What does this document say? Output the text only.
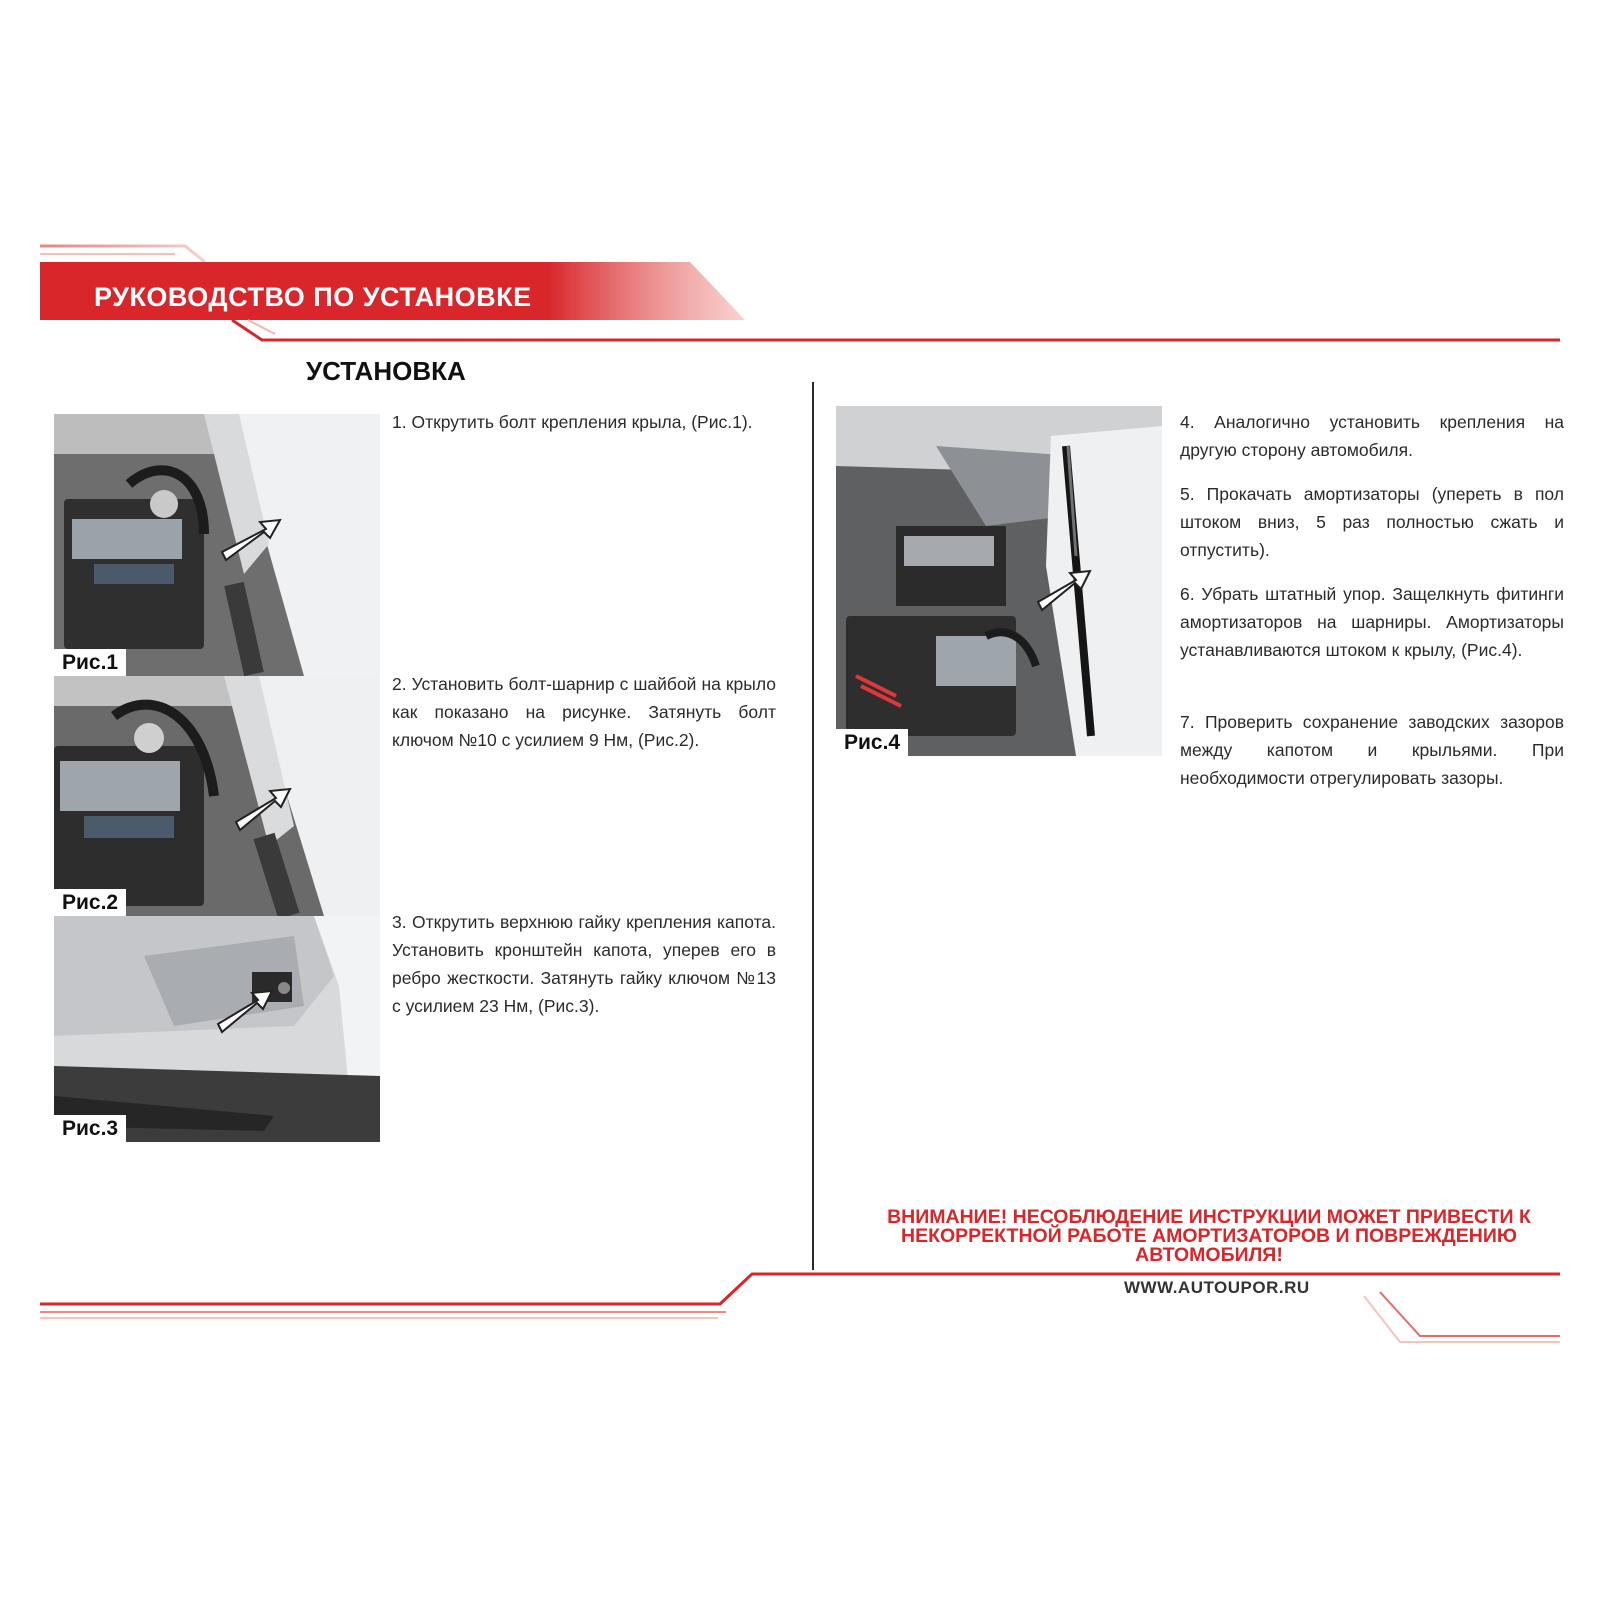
РУКОВОДСТВО ПО УСТАНОВКЕ
УСТАНОВКА
Рис.1
Рис.2
Рис.3
Рис.4

1. Открутить болт крепления крыла, (Рис.1).

2. Установить болт-шарнир с шайбой на крыло как показано на рисунке. Затянуть болт ключом №10 с усилием 9 Нм, (Рис.2).

3. Открутить верхнюю гайку крепления капота. Установить кронштейн капота, уперев его в ребро жесткости. Затянуть гайку ключом №13 с усилием 23 Нм, (Рис.3).

4. Аналогично установить крепления на другую сторону автомобиля.

5. Прокачать амортизаторы (упереть в пол штоком вниз, 5 раз полностью сжать и отпустить).

6. Убрать штатный упор. Защелкнуть фитинги амортизаторов на шарниры. Амортизаторы устанавливаются штоком к крылу, (Рис.4).

7. Проверить сохранение заводских зазоров между капотом и крыльями. При необходимости отрегулировать зазоры.

ВНИМАНИЕ! НЕСОБЛЮДЕНИЕ ИНСТРУКЦИИ МОЖЕТ ПРИВЕСТИ К НЕКОРРЕКТНОЙ РАБОТЕ АМОРТИЗАТОРОВ И ПОВРЕЖДЕНИЮ АВТОМОБИЛЯ!

WWW.AUTOUPOR.RU
